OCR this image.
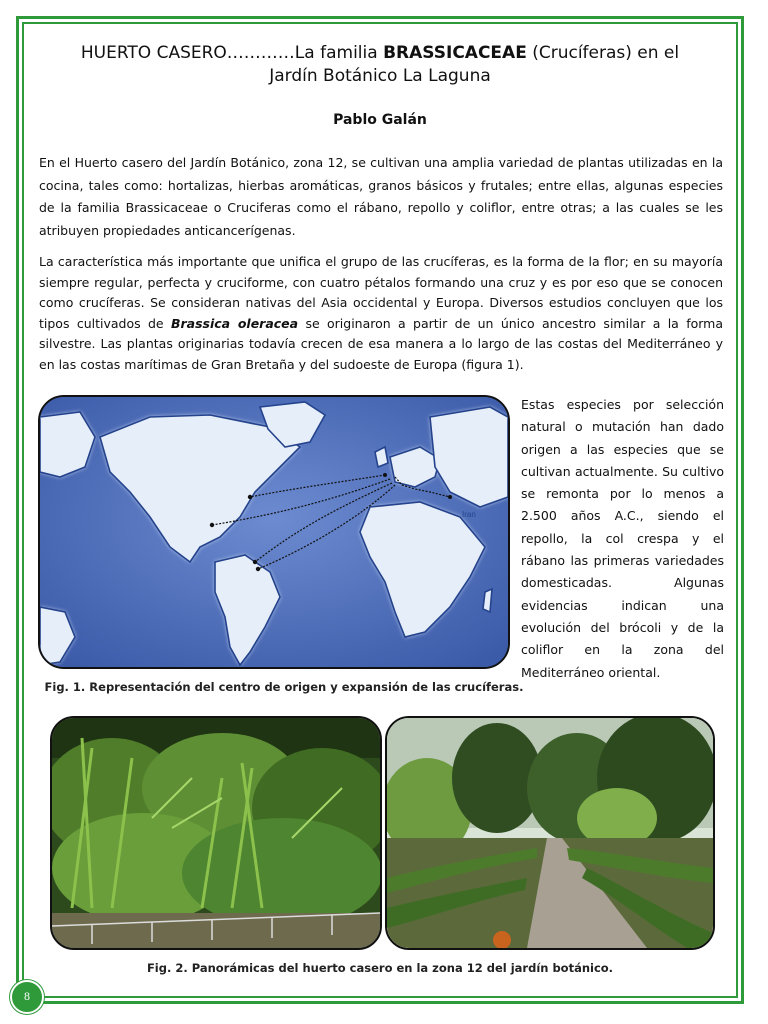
HUERTO CASERO…………La familia BRASSICACEAE (Crucíferas) en el
Jardín Botánico La Laguna
Pablo Galán
En el Huerto casero del Jardín Botánico, zona 12, se cultivan una amplia variedad de plantas utilizadas en la cocina, tales como: hortalizas, hierbas aromáticas, granos básicos y frutales; entre ellas, algunas especies de la familia Brassicaceae o Cruciferas como el rábano, repollo y coliflor, entre otras; a las cuales se les atribuyen propiedades anticancerígenas.
La característica más importante que unifica el grupo de las crucíferas, es la forma de la flor; en su mayoría siempre regular, perfecta y cruciforme, con cuatro pétalos formando una cruz y es por eso que se conocen como crucíferas. Se consideran nativas del Asia occidental y Europa. Diversos estudios concluyen que los tipos cultivados de Brassica oleracea se originaron a partir de un único ancestro similar a la forma silvestre. Las plantas originarias todavía crecen de esa manera a lo largo de las costas del Mediterráneo y en las costas marítimas de Gran Bretaña y del sudoeste de Europa (figura 1).
Iran
Estas especies por selección natural o mutación han dado origen a las especies que se cultivan actualmente. Su cultivo se remonta por lo menos a 2.500 años A.C., siendo el repollo, la col crespa y el rábano las primeras variedades domesticadas. Algunas evidencias indican una evolución del brócoli y de la coliflor en la zona del Mediterráneo oriental.
Fig. 1. Representación del centro de origen y expansión de las crucíferas.
Fig. 2. Panorámicas del huerto casero en la zona 12 del jardín botánico.
8
